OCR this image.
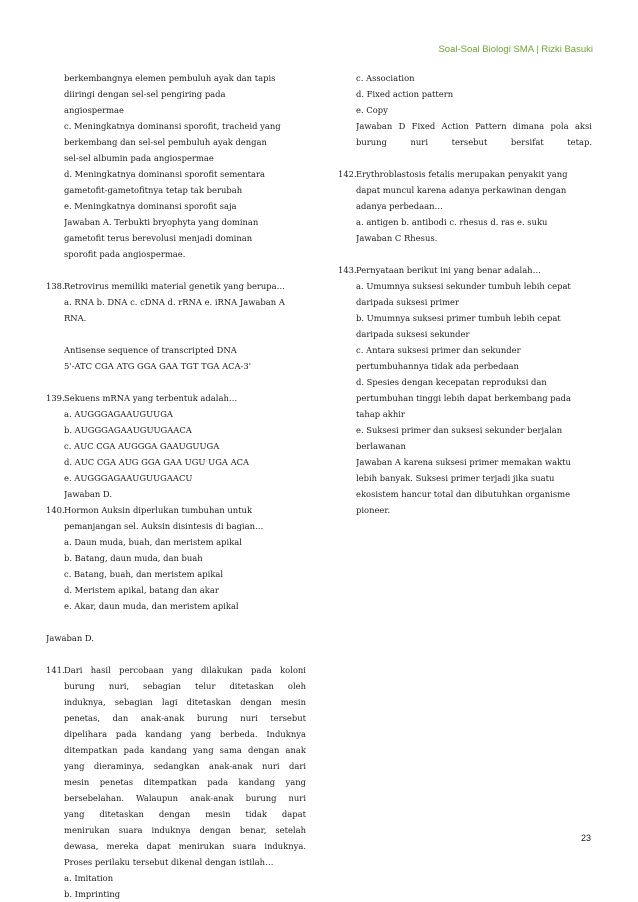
Soal-Soal Biologi SMA | Rizki Basuki
berkembangnya elemen pembuluh ayak dan tapis
diiringi dengan sel-sel pengiring pada
angiospermae
c. Meningkatnya dominansi sporofit, tracheid yang
berkembang dan sel-sel pembuluh ayak dengan
sel-sel albumin pada angiospermae
d. Meningkatnya dominansi sporofit sementara
gametofit-gametofitnya tetap tak berubah
e. Meningkatnya dominansi sporofit saja
Jawaban A. Terbukti bryophyta yang dominan
gametofit terus berevolusi menjadi dominan
sporofit pada angiospermae.
138. Retrovirus memiliki material genetik yang berupa…
a. RNA b. DNA c. cDNA d. rRNA e. iRNA Jawaban A
RNA.
Antisense sequence of transcripted DNA
5'-ATC CGA ATG GGA GAA TGT TGA ACA-3'
139. Sekuens mRNA yang terbentuk adalah…
a. AUGGGAGAAUGUUGA
b. AUGGGAGAAUGUUGAACA
c. AUC CGA AUGGGA GAAUGUUGA
d. AUC CGA AUG GGA GAA UGU UGA ACA
e. AUGGGAGAAUGUUGAACU
Jawaban D.
140. Hormon Auksin diperlukan tumbuhan untuk
pemanjangan sel. Auksin disintesis di bagian…
a. Daun muda, buah, dan meristem apikal
b. Batang, daun muda, dan buah
c. Batang, buah, dan meristem apikal
d. Meristem apikal, batang dan akar
e. Akar, daun muda, dan meristem apikal
Jawaban D.
141. Dari hasil percobaan yang dilakukan pada koloni
burung nuri, sebagian telur ditetaskan oleh
induknya, sebagian lagi ditetaskan dengan mesin
penetas, dan anak-anak burung nuri tersebut
dipelihara pada kandang yang berbeda. Induknya
ditempatkan pada kandang yang sama dengan anak
yang dieraminya, sedangkan anak-anak nuri dari
mesin penetas ditempatkan pada kandang yang
bersebelahan. Walaupun anak-anak burung nuri
yang ditetaskan dengan mesin tidak dapat
menirukan suara induknya dengan benar, setelah
dewasa, mereka dapat menirukan suara induknya.
Proses perilaku tersebut dikenal dengan istilah…
a. Imitation
b. Imprinting
c. Association
d. Fixed action pattern
e. Copy
Jawaban D Fixed Action Pattern dimana pola aksi
burung nuri tersebut bersifat tetap.
142. Erythroblastosis fetalis merupakan penyakit yang
dapat muncul karena adanya perkawinan dengan
adanya perbedaan…
a. antigen b. antibodi c. rhesus d. ras e. suku
Jawaban C Rhesus.
143. Pernyataan berikut ini yang benar adalah…
a. Umumnya suksesi sekunder tumbuh lebih cepat
daripada suksesi primer
b. Umumnya suksesi primer tumbuh lebih cepat
daripada suksesi sekunder
c. Antara suksesi primer dan sekunder
pertumbuhannya tidak ada perbedaan
d. Spesies dengan kecepatan reproduksi dan
pertumbuhan tinggi lebih dapat berkembang pada
tahap akhir
e. Suksesi primer dan suksesi sekunder berjalan
berlawanan
Jawaban A karena suksesi primer memakan waktu
lebih banyak. Suksesi primer terjadi jika suatu
ekosistem hancur total dan dibutuhkan organisme
pioneer.
23
